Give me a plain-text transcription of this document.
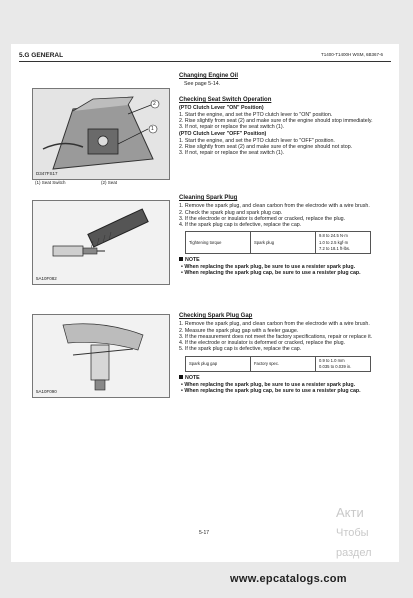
5.G GENERAL	T1400-T1400H WSM, 6B367-6
1
2
D347FS17
(1) Seat Switch	(2) Seat
5A10F082
5A10F090
Changing Engine Oil
See page 5-14.
Checking Seat Switch Operation
(PTO Clutch Lever "ON" Position)
1. Start the engine, and set the PTO clutch lever to "ON" position.
2. Rise slightly from seat (2) and make sure of the engine should stop immediately.
3. If not, repair or replace the seat switch (1).
(PTO Clutch Lever "OFF" Position)
1. Start the engine, and set the PTO clutch lever to "OFF" position.
2. Rise slightly from seat (2) and make sure of the engine should not stop.
3. If not, repair or replace the seat switch (1).
Cleaning Spark Plug
1. Remove the spark plug, and clean carbon from the electrode with a wire brush.
2. Check the spark plug and spark plug cap.
3. If the electrode or insulator is deformed or cracked, replace the plug.
4. If the spark plug cap is defective, replace the cap.
Tightening torque	Spark plug	
9.8 to 24.5 N·m
1.0 to 2.5 kgf·m
7.2 to 18.1 ft-lbs.
NOTE
• When replacing the spark plug, be sure to use a resister spark plug.
• When replacing the spark plug cap, be sure to use a resister plug cap.
Checking Spark Plug Gap
1. Remove the spark plug, and clean carbon from the electrode with a wire brush.
2. Measure the spark plug gap with a feeler gauge.
3. If the measurement does not meet the factory specifications, repair or replace it.
4. If the electrode or insulator is deformed or cracked, replace the plug.
5. If the spark plug cap is defective, replace the cap.
Spark plug gap	Factory spec.	
0.9 to 1.0 mm
0.035 to 0.039 in.
NOTE
• When replacing the spark plug, be sure to use a resister spark plug.
• When replacing the spark plug cap, be sure to use a resister plug cap.
5-17
Акти
Чтобы
раздел
www.epcatalogs.com
